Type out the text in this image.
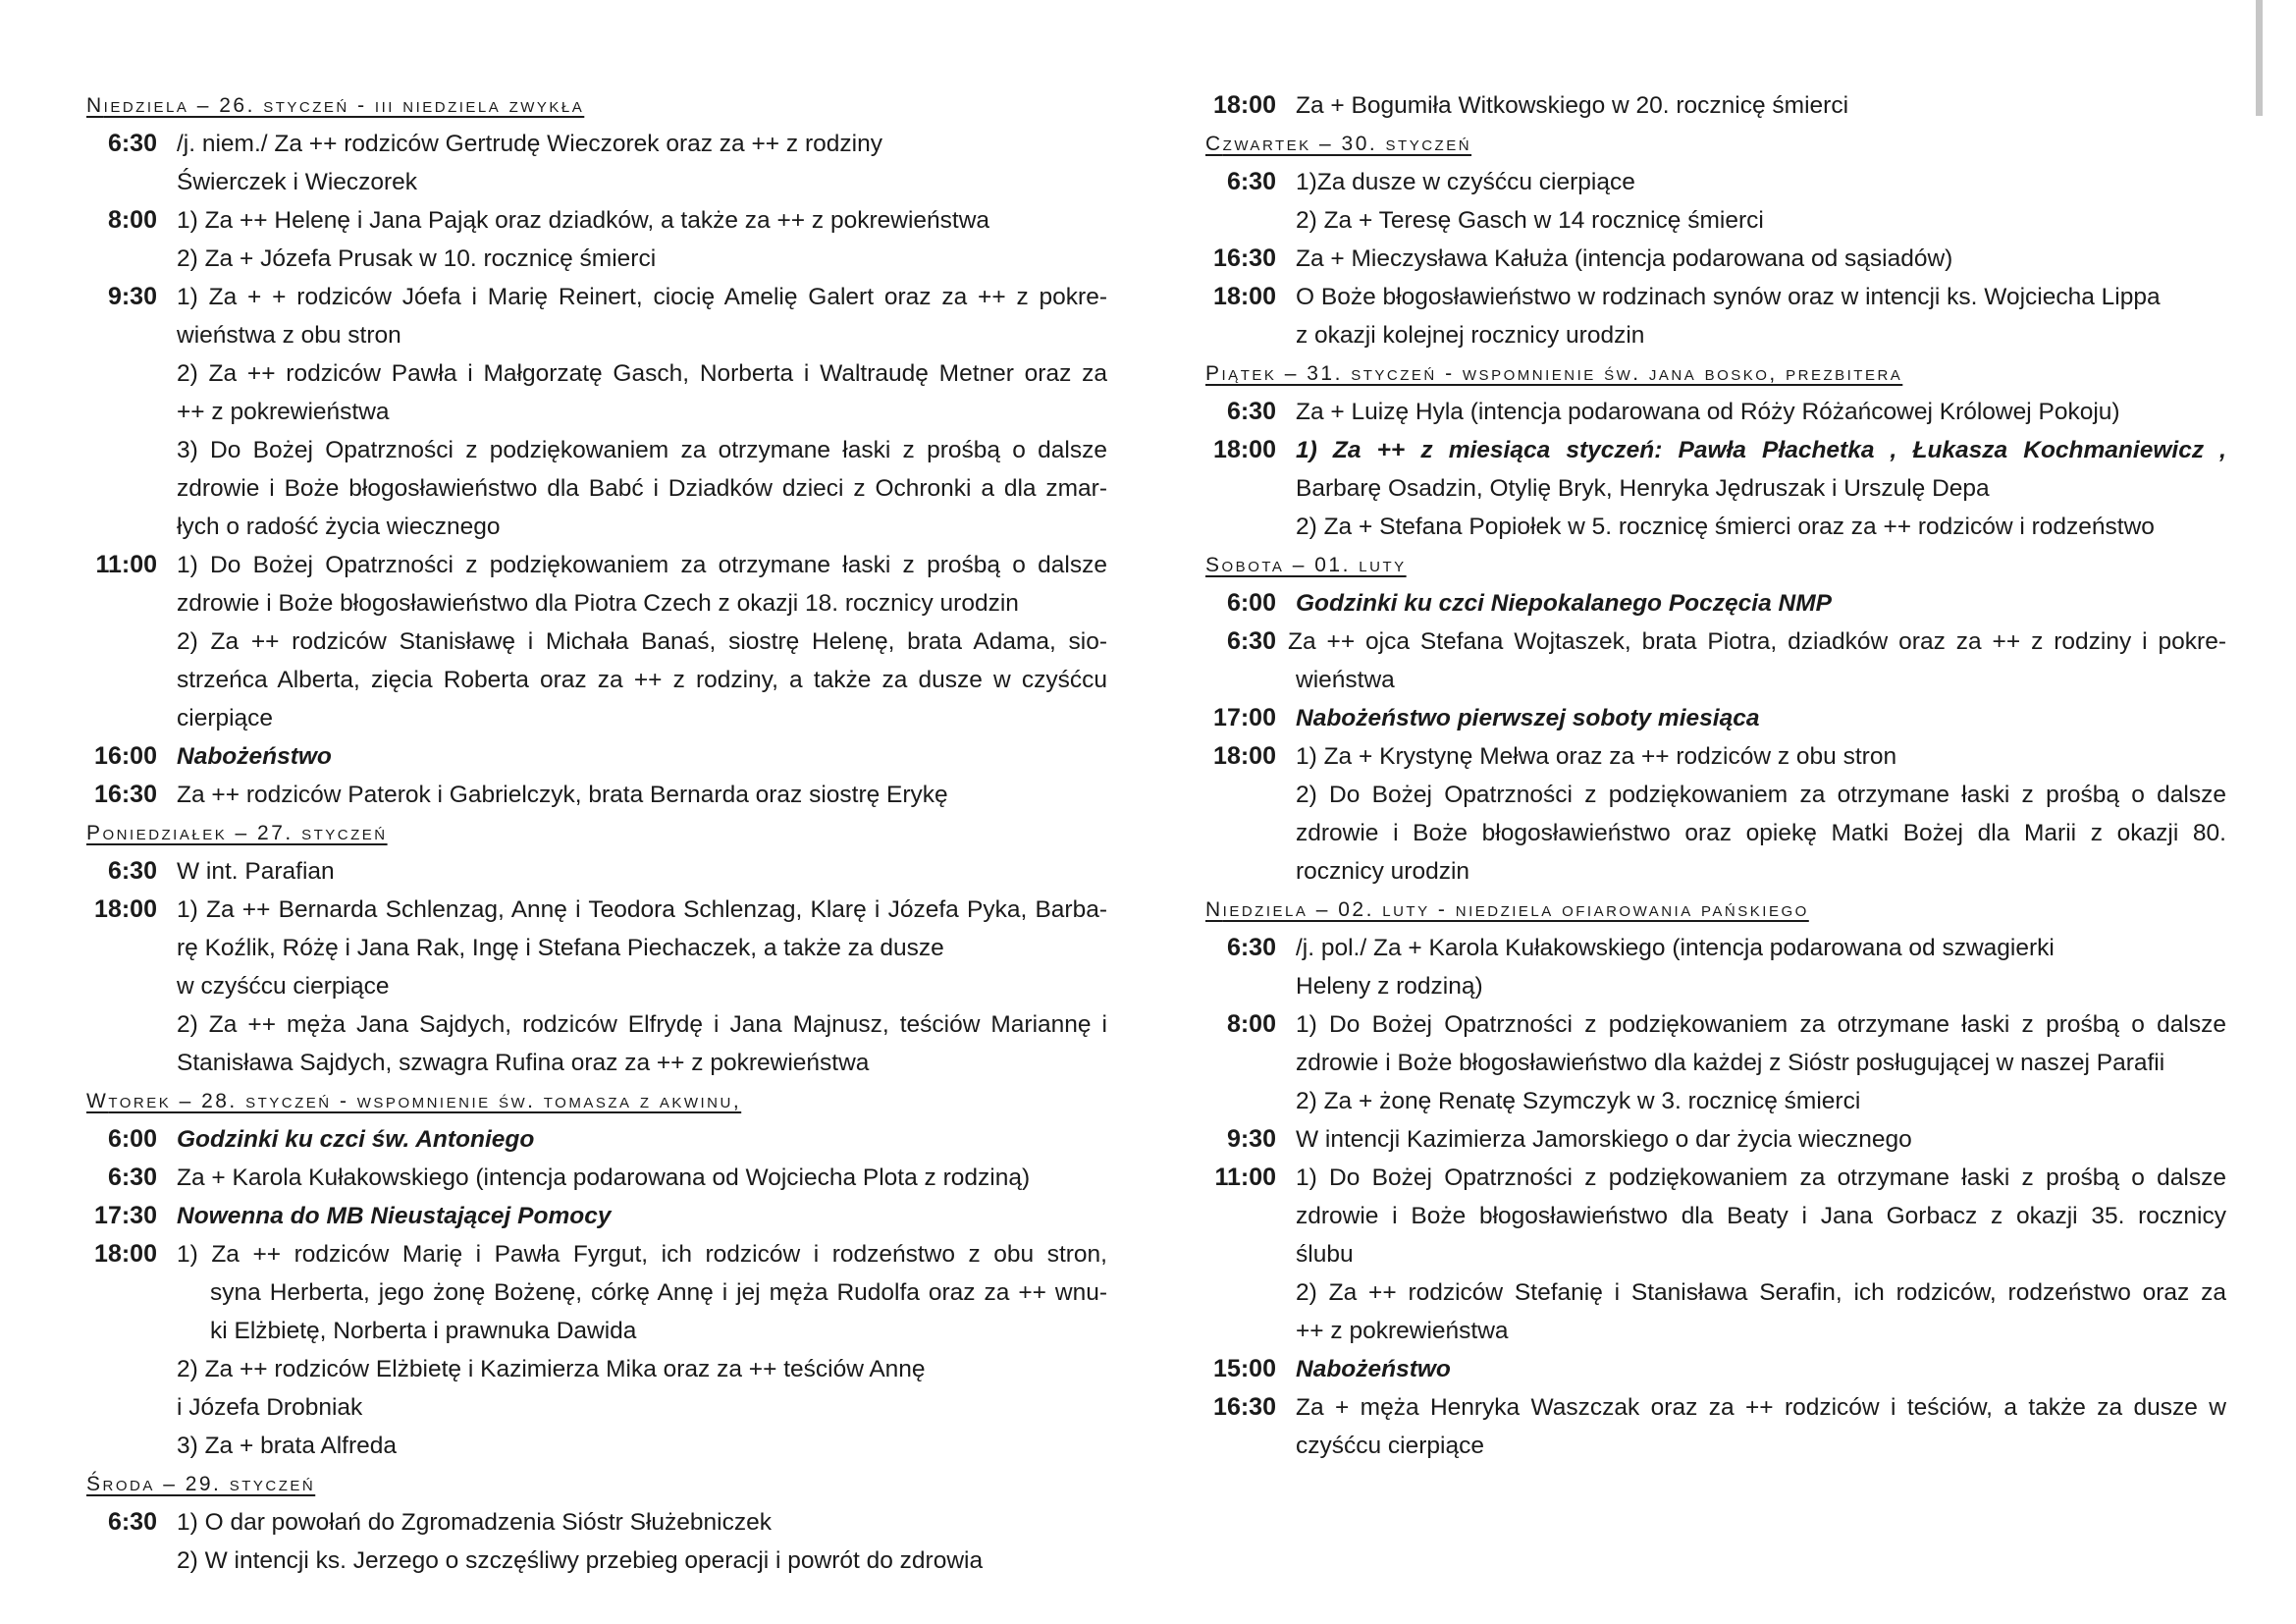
Niedziela – 26. styczeń - iii niedziela zwykła
6:30 /j. niem./ Za ++ rodziców Gertrudę Wieczorek oraz za ++ z rodziny
Świerczek i Wieczorek
8:00 1) Za ++ Helenę i Jana Pająk oraz dziadków, a także za ++ z pokrewieństwa
2) Za + Józefa Prusak w 10. rocznicę śmierci
9:30 1) Za + + rodziców Jóefa i Marię Reinert, ciocię Amelię Galert oraz za ++ z pokre-
wieństwa z obu stron
2) Za ++ rodziców Pawła i Małgorzatę Gasch, Norberta i Waltraudę Metner oraz za
++ z pokrewieństwa
3) Do Bożej Opatrzności z podziękowaniem za otrzymane łaski z prośbą o dalsze
zdrowie i Boże błogosławieństwo dla Babć i Dziadków dzieci z Ochronki a dla zmar-
łych o radość życia wiecznego
11:00 1) Do Bożej Opatrzności z podziękowaniem za otrzymane łaski z prośbą o dalsze
zdrowie i Boże błogosławieństwo dla Piotra Czech z okazji 18. rocznicy urodzin
2) Za ++ rodziców Stanisławę i Michała Banaś, siostrę Helenę, brata Adama, sio-
strzeńca Alberta, zięcia Roberta oraz za ++ z rodziny, a także za dusze w czyśćcu
cierpiące
16:00 Nabożeństwo
16:30 Za ++ rodziców Paterok i Gabrielczyk, brata Bernarda oraz siostrę Erykę
Poniedziałek – 27. styczeń
6:30 W int. Parafian
18:00 1) Za ++ Bernarda Schlenzag, Annę i Teodora Schlenzag, Klarę i Józefa Pyka, Barba-
rę Koźlik, Różę i Jana Rak, Ingę i Stefana Piechaczek, a także za dusze
w czyśćcu cierpiące
2) Za ++ męża Jana Sajdych, rodziców Elfrydę i Jana Majnusz, teściów Mariannę i
Stanisława Sajdych, szwagra Rufina oraz za ++ z pokrewieństwa
Wtorek – 28. styczeń - wspomnienie św. tomasza z akwinu,
6:00 Godzinki ku czci św. Antoniego
6:30 Za + Karola Kułakowskiego (intencja podarowana od Wojciecha Plota z rodziną)
17:30 Nowenna do MB Nieustającej Pomocy
18:00 1) Za ++ rodziców Marię i Pawła Fyrgut, ich rodziców i rodzeństwo z obu stron,
syna Herberta, jego żonę Bożenę, córkę Annę i jej męża Rudolfa oraz za ++ wnu-
ki Elżbietę, Norberta i prawnuka Dawida
2) Za ++ rodziców Elżbietę i Kazimierza Mika oraz za ++ teściów Annę
i Józefa Drobniak
3) Za + brata Alfreda
Środa – 29. styczeń
6:30 1) O dar powołań do Zgromadzenia Sióstr Służebniczek
2) W intencji ks. Jerzego o szczęśliwy przebieg operacji i powrót do zdrowia
18:00 Za + Bogumiła Witkowskiego w 20. rocznicę śmierci
Czwartek – 30. styczeń
6:30 1)Za dusze w czyśćcu cierpiące
2) Za + Teresę Gasch w 14 rocznicę śmierci
16:30 Za + Mieczysława Kałuża (intencja podarowana od sąsiadów)
18:00 O Boże błogosławieństwo w rodzinach synów oraz w intencji ks. Wojciecha Lippa
z okazji kolejnej rocznicy urodzin
Piątek – 31. styczeń - wspomnienie św. jana bosko, prezbitera
6:30 Za + Luizę Hyla (intencja podarowana od Róży Różańcowej Królowej Pokoju)
18:00 1) Za ++ z miesiąca styczeń: Pawła Płachetka , Łukasza Kochmaniewicz ,
Barbarę Osadzin, Otylię Bryk, Henryka Jędruszak i Urszulę Depa
2) Za + Stefana Popiołek w 5. rocznicę śmierci oraz za ++ rodziców i rodzeństwo
Sobota – 01. luty
6:00 Godzinki ku czci Niepokalanego Poczęcia NMP
6:30 Za ++ ojca Stefana Wojtaszek, brata Piotra, dziadków oraz za ++ z rodziny i pokre-
wieństwa
17:00 Nabożeństwo pierwszej soboty miesiąca
18:00 1) Za + Krystynę Mełwa oraz za ++ rodziców z obu stron
2) Do Bożej Opatrzności z podziękowaniem za otrzymane łaski z prośbą o dalsze
zdrowie i Boże błogosławieństwo oraz opiekę Matki Bożej dla Marii z okazji 80.
rocznicy urodzin
Niedziela – 02. luty - niedziela ofiarowania pańskiego
6:30 /j. pol./ Za + Karola Kułakowskiego (intencja podarowana od szwagierki
Heleny z rodziną)
8:00 1) Do Bożej Opatrzności z podziękowaniem za otrzymane łaski z prośbą o dalsze
zdrowie i Boże błogosławieństwo dla każdej z Sióstr posługującej w naszej Parafii
2) Za + żonę Renatę Szymczyk w 3. rocznicę śmierci
9:30 W intencji Kazimierza Jamorskiego o dar życia wiecznego
11:00 1) Do Bożej Opatrzności z podziękowaniem za otrzymane łaski z prośbą o dalsze
zdrowie i Boże błogosławieństwo dla Beaty i Jana Gorbacz z okazji 35. rocznicy
ślubu
2) Za ++ rodziców Stefanię i Stanisława Serafin, ich rodziców, rodzeństwo oraz za
++ z pokrewieństwa
15:00 Nabożeństwo
16:30 Za + męża Henryka Waszczak oraz za ++ rodziców i teściów, a także za dusze w
czyśćcu cierpiące
